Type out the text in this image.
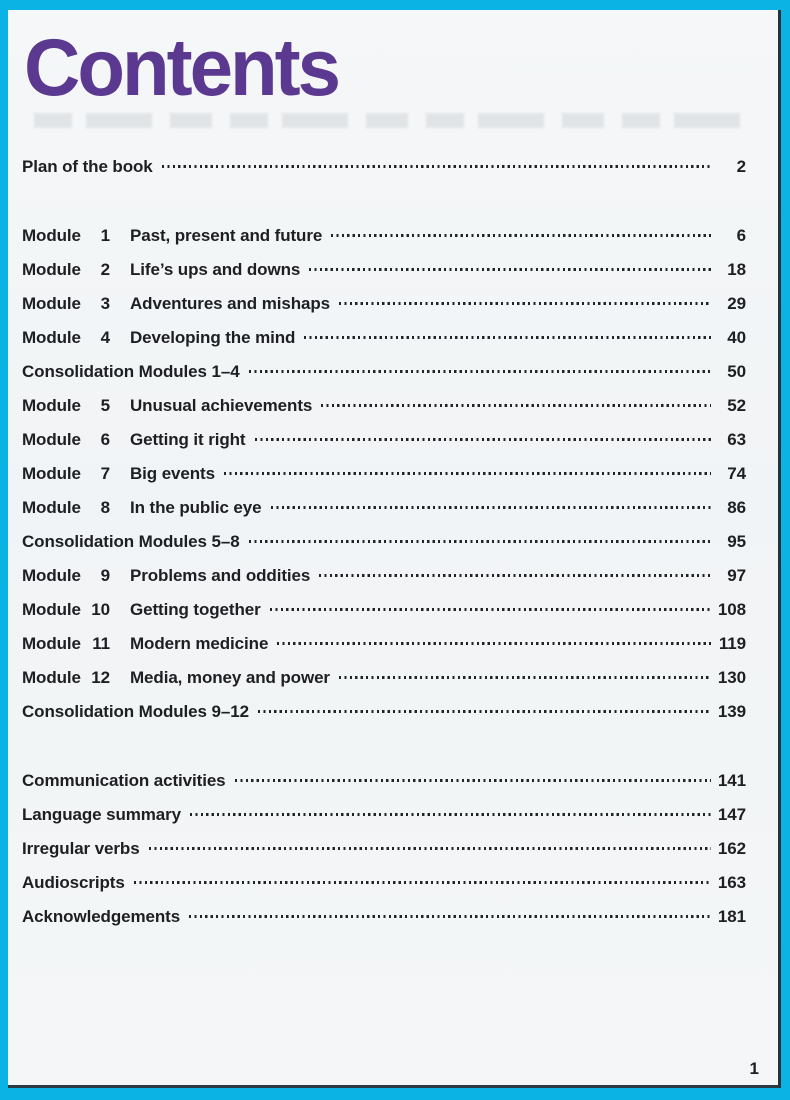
Contents
Plan of the book	2
Module	1 Past, present and future	6
Module	2 Life’s ups and downs	18
Module	3 Adventures and mishaps	29
Module	4 Developing the mind	40
Consolidation Modules 1–4	50
Module	5 Unusual achievements	52
Module	6 Getting it right	63
Module	7 Big events	74
Module	8 In the public eye	86
Consolidation Modules 5–8	95
Module	9 Problems and oddities	97
Module 10 Getting together	108
Module 11 Modern medicine	119
Module 12 Media, money and power	130
Consolidation Modules 9–12	139
Communication activities	141
Language summary	147
Irregular verbs	162
Audioscripts	163
Acknowledgements	181
1
